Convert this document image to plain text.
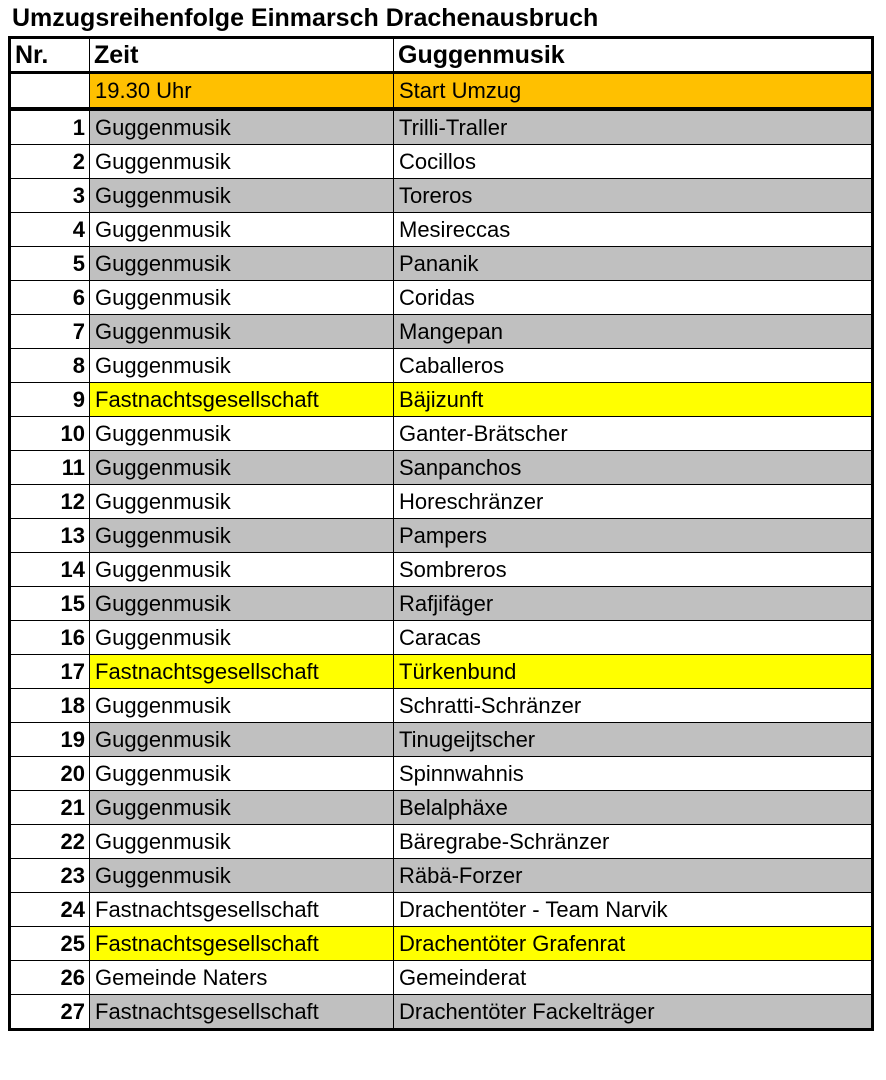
Umzugsreihenfolge Einmarsch Drachenausbruch
Nr.	Zeit	Guggenmusik
	19.30 Uhr	Start Umzug
1	Guggenmusik	Trilli-Traller
2	Guggenmusik	Cocillos
3	Guggenmusik	Toreros
4	Guggenmusik	Mesireccas
5	Guggenmusik	Pananik
6	Guggenmusik	Coridas
7	Guggenmusik	Mangepan
8	Guggenmusik	Caballeros
9	Fastnachtsgesellschaft	Bäjizunft
10	Guggenmusik	Ganter-Brätscher
11	Guggenmusik	Sanpanchos
12	Guggenmusik	Horeschränzer
13	Guggenmusik	Pampers
14	Guggenmusik	Sombreros
15	Guggenmusik	Rafjifäger
16	Guggenmusik	Caracas
17	Fastnachtsgesellschaft	Türkenbund
18	Guggenmusik	Schratti-Schränzer
19	Guggenmusik	Tinugeijtscher
20	Guggenmusik	Spinnwahnis
21	Guggenmusik	Belalphäxe
22	Guggenmusik	Bäregrabe-Schränzer
23	Guggenmusik	Räbä-Forzer
24	Fastnachtsgesellschaft	Drachentöter - Team Narvik
25	Fastnachtsgesellschaft	Drachentöter Grafenrat
26	Gemeinde Naters	Gemeinderat
27	Fastnachtsgesellschaft	Drachentöter Fackelträger
